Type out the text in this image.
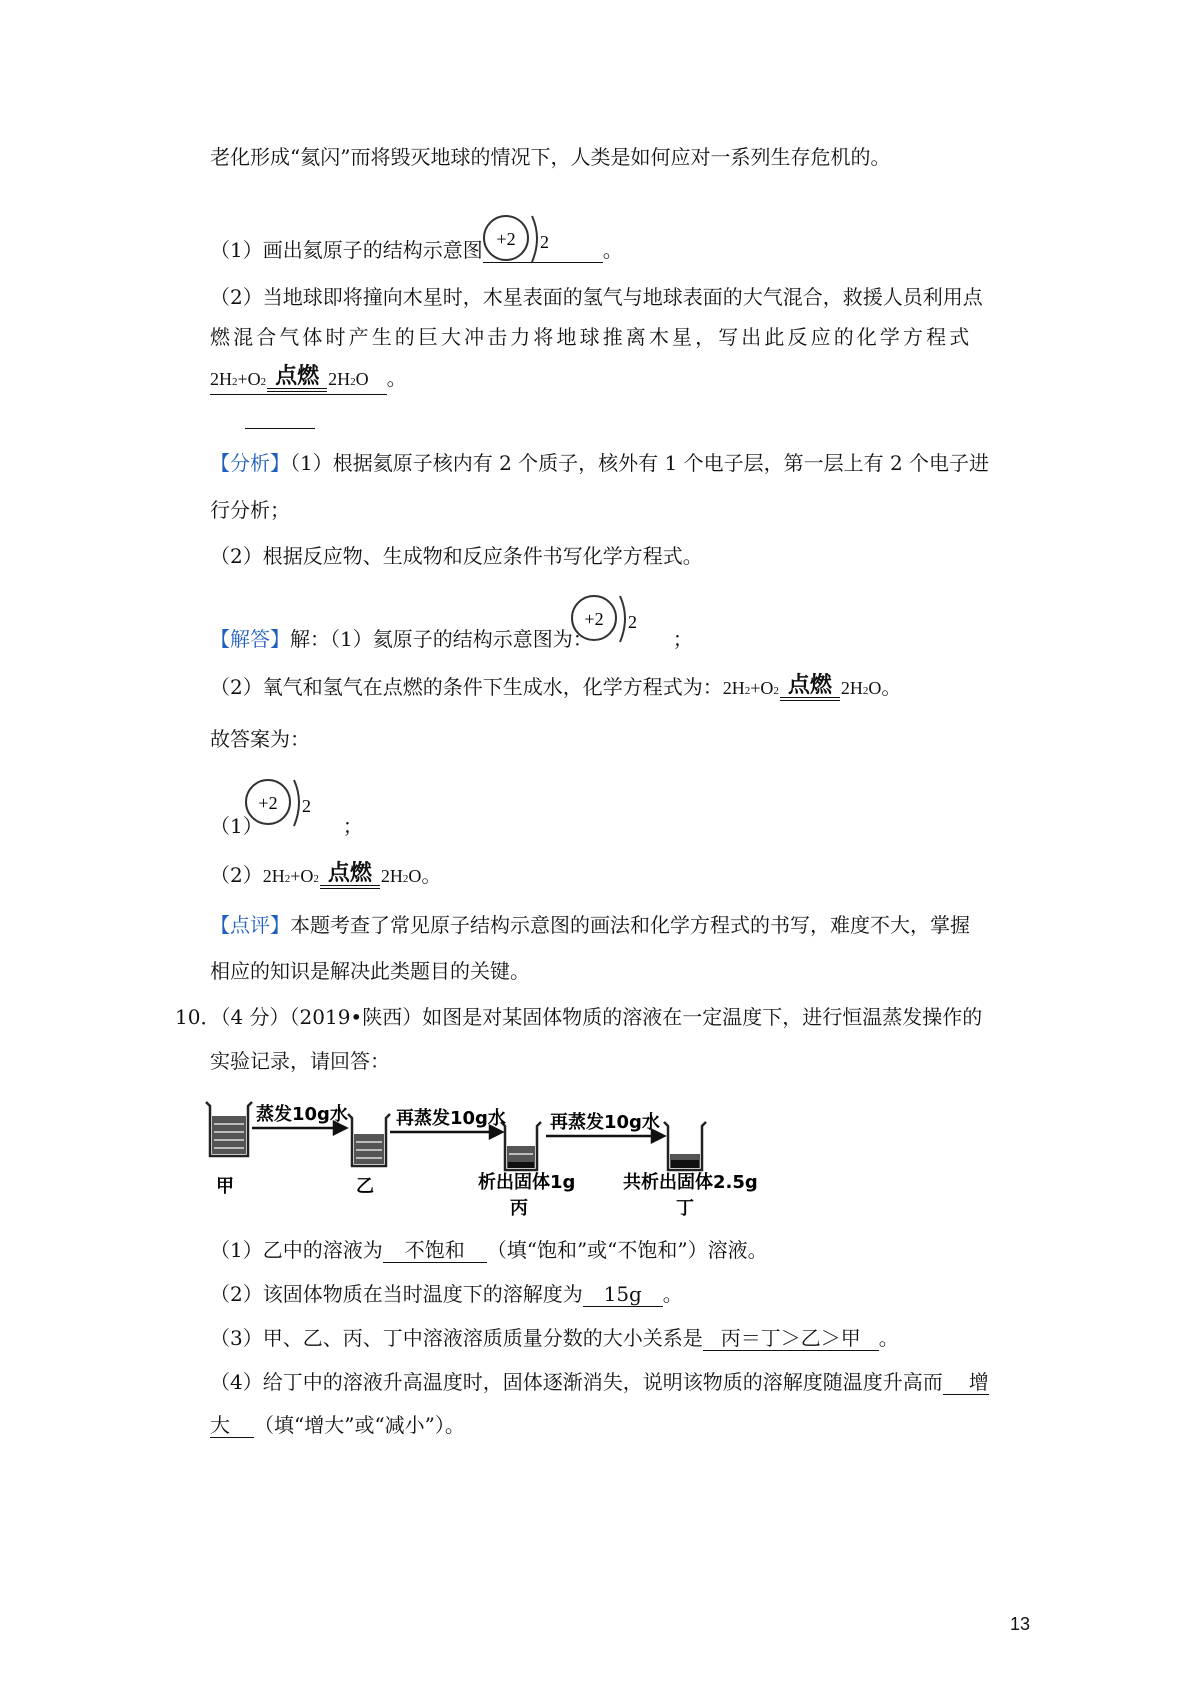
老化形成“氦闪”而将毁灭地球的情况下，人类是如何应对一系列生存危机的。
+2 2
（1）画出氦原子的结构示意图	。
（2）当地球即将撞向木星时，木星表面的氢气与地球表面的大气混合，救援人员利用点
燃混合气体时产生的巨大冲击力将地球推离木星，写出此反应的化学方程式
2H 2 +O 2 点燃 2H 2 O 。
【分析】（1）根据氦原子核内有 2 个质子，核外有 1 个电子层，第一层上有 2 个电子进
行分析；
（2）根据反应物、生成物和反应条件书写化学方程式。
+2 2
【解答】解：（1）氦原子的结构示意图为：	；
（2）氧气和氢气在点燃的条件下生成水，化学方程式为： 2H 2 +O 2 点燃 2H 2 O 。
故答案为：
+2 2
（1）	；
（2） 2H 2 +O 2 点燃 2H 2 O 。
【点评】本题考查了常见原子结构示意图的画法和化学方程式的书写，难度不大，掌握
相应的知识是解决此类题目的关键。
10．（4 分）（2019•陕西）如图是对某固体物质的溶液在一定温度下，进行恒温蒸发操作的
实验记录，请回答：
蒸发10g水	再蒸发10g水 再蒸发10g水
析出固体1g	共析出固体2.5g
甲	乙
丙	丁
（1）乙中的溶液为 不饱和 （填“饱和”或“不饱和”）溶液。
（2）该固体物质在当时温度下的溶解度为 15g 。
（3）甲、乙、丙、丁中溶液溶质质量分数的大小关系是 丙＝丁＞乙＞甲 。
（4）给丁中的溶液升高温度时，固体逐渐消失，说明该物质的溶解度随温度升高而 增
大 （填“增大”或“减小”）。
13
